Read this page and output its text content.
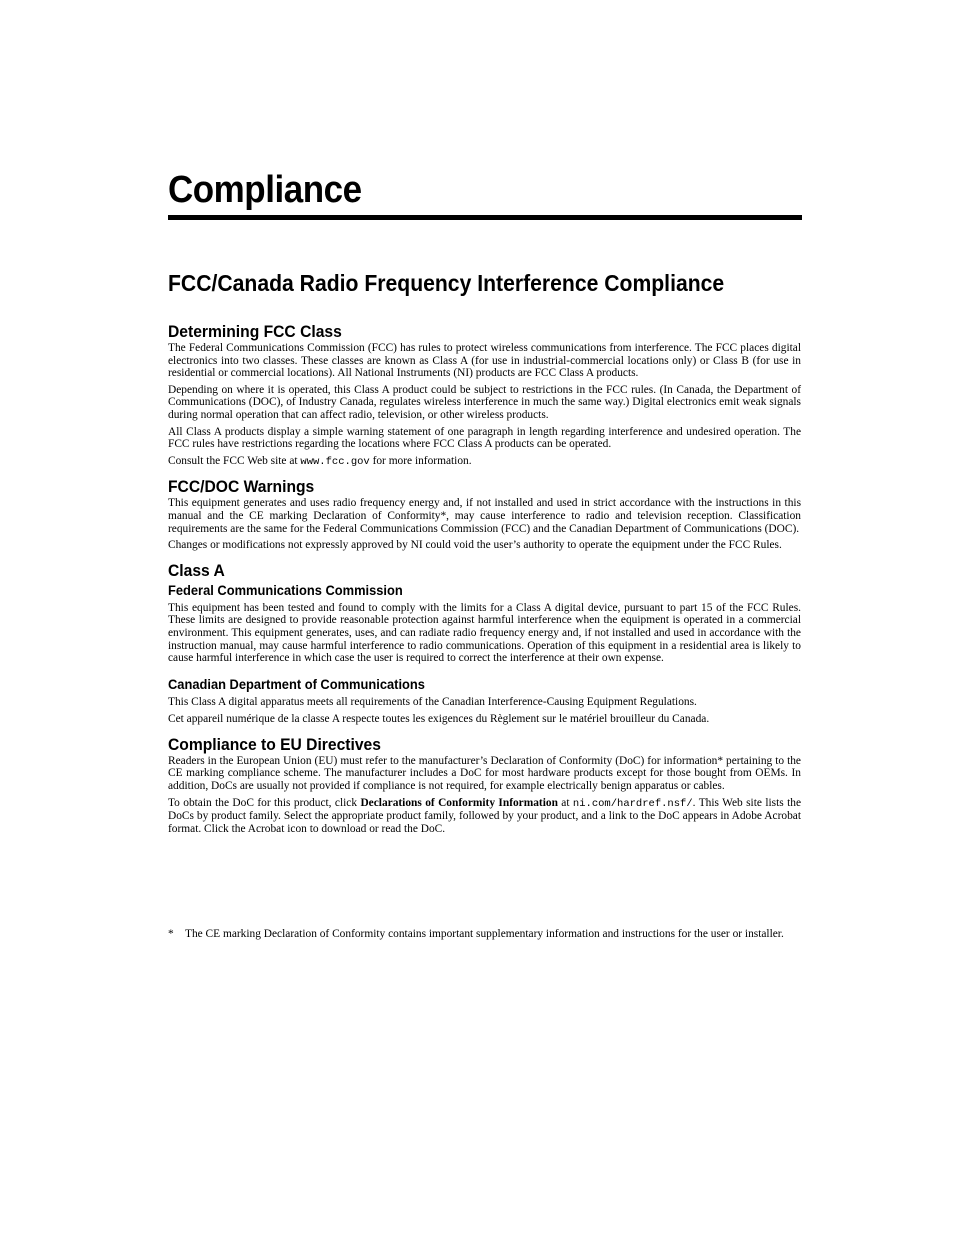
Compliance
FCC/Canada Radio Frequency Interference Compliance
Determining FCC Class

The Federal Communications Commission (FCC) has rules to protect wireless communications from interference. The FCC places digital electronics into two classes. These classes are known as Class A (for use in industrial-commercial locations only) or Class B (for use in residential or commercial locations). All National Instruments (NI) products are FCC Class A products.

Depending on where it is operated, this Class A product could be subject to restrictions in the FCC rules. (In Canada, the Department of Communications (DOC), of Industry Canada, regulates wireless interference in much the same way.) Digital electronics emit weak signals during normal operation that can affect radio, television, or other wireless products.

All Class A products display a simple warning statement of one paragraph in length regarding interference and undesired operation. The FCC rules have restrictions regarding the locations where FCC Class A products can be operated.

Consult the FCC Web site at www.fcc.gov for more information.

FCC/DOC Warnings

This equipment generates and uses radio frequency energy and, if not installed and used in strict accordance with the instructions in this manual and the CE marking Declaration of Conformity*, may cause interference to radio and television reception. Classification requirements are the same for the Federal Communications Commission (FCC) and the Canadian Department of Communications (DOC).

Changes or modifications not expressly approved by NI could void the user’s authority to operate the equipment under the FCC Rules.

Class A
Federal Communications Commission

This equipment has been tested and found to comply with the limits for a Class A digital device, pursuant to part 15 of the FCC Rules. These limits are designed to provide reasonable protection against harmful interference when the equipment is operated in a commercial environment. This equipment generates, uses, and can radiate radio frequency energy and, if not installed and used in accordance with the instruction manual, may cause harmful interference to radio communications. Operation of this equipment in a residential area is likely to cause harmful interference in which case the user is required to correct the interference at their own expense.

Canadian Department of Communications

This Class A digital apparatus meets all requirements of the Canadian Interference-Causing Equipment Regulations.

Cet appareil numérique de la classe A respecte toutes les exigences du Règlement sur le matériel brouilleur du Canada.

Compliance to EU Directives

Readers in the European Union (EU) must refer to the manufacturer’s Declaration of Conformity (DoC) for information* pertaining to the CE marking compliance scheme. The manufacturer includes a DoC for most hardware products except for those bought from OEMs. In addition, DoCs are usually not provided if compliance is not required, for example electrically benign apparatus or cables.

To obtain the DoC for this product, click Declarations of Conformity Information at ni.com/hardref.nsf/. This Web site lists the DoCs by product family. Select the appropriate product family, followed by your product, and a link to the DoC appears in Adobe Acrobat format. Click the Acrobat icon to download or read the DoC.

* The CE marking Declaration of Conformity contains important supplementary information and instructions for the user or installer.
